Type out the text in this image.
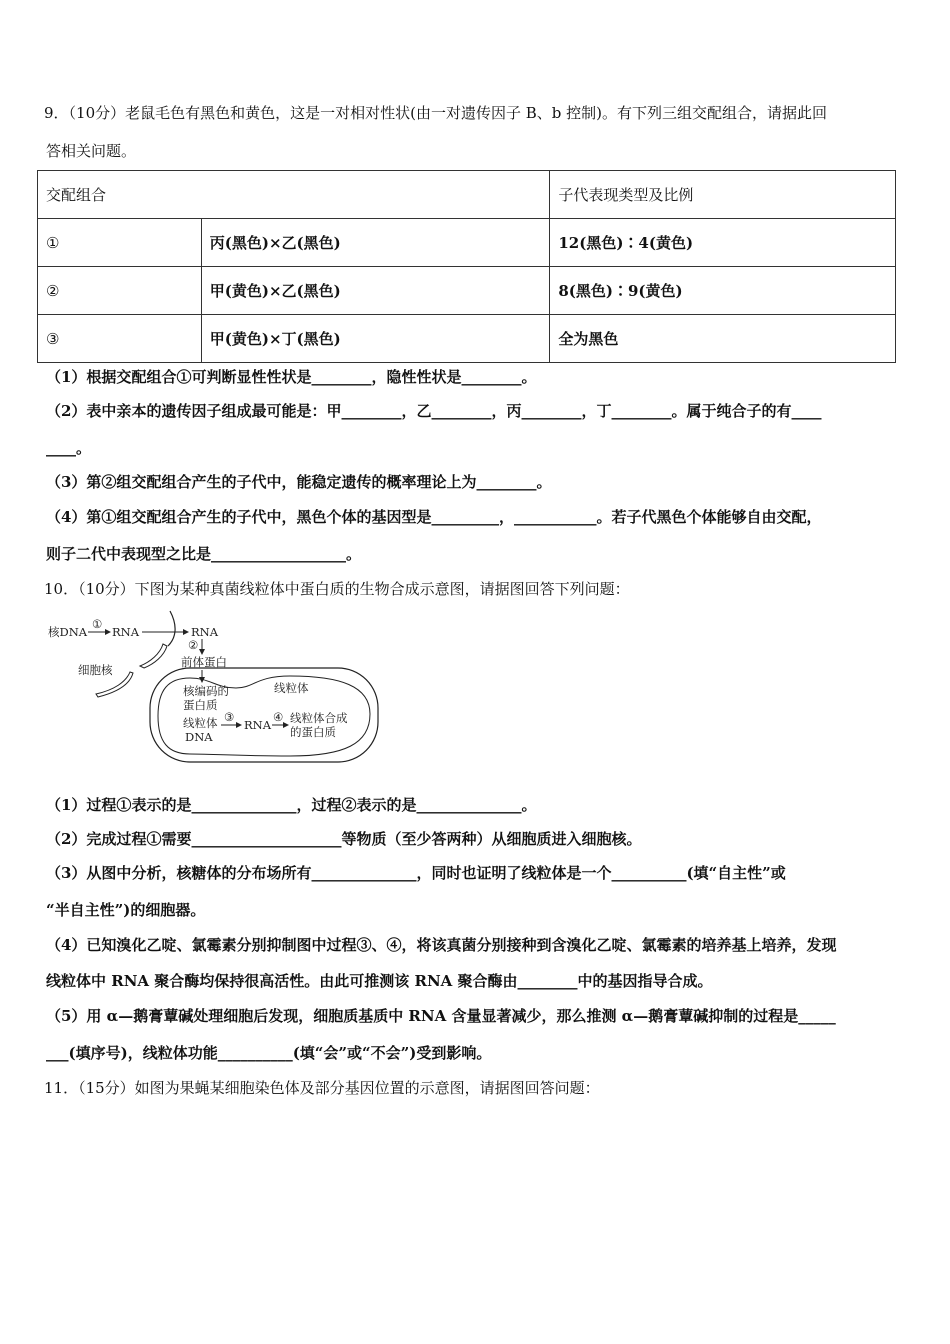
9．（10分）老鼠毛色有黑色和黄色，这是一对相对性状(由一对遗传因子 B、b 控制)。有下列三组交配组合，请据此回
答相关问题。
交配组合		子代表现类型及比例
①	丙(黑色)×乙(黑色)	12(黑色)∶4(黄色)
②	甲(黄色)×乙(黑色)	8(黑色)∶9(黄色)
③	甲(黄色)×丁(黑色)	全为黑色
（1）根据交配组合①可判断显性性状是________，隐性性状是________。
（2）表中亲本的遗传因子组成最可能是：甲________，乙________，丙________，丁________。属于纯合子的有____
____。
（3）第②组交配组合产生的子代中，能稳定遗传的概率理论上为________。
（4）第①组交配组合产生的子代中，黑色个体的基因型是_________，___________。若子代黑色个体能够自由交配，
则子二代中表现型之比是__________________。
10．（10分）下图为某种真菌线粒体中蛋白质的生物合成示意图，请据图回答下列问题：
核DNA
①
RNA	RNA
②
前体蛋白
细胞核
线粒体
核编码的
蛋白质
线粒体
DNA
③
RNA
④ 线粒体合成
的蛋白质
（1）过程①表示的是______________，过程②表示的是______________。
（2）完成过程①需要____________________等物质（至少答两种）从细胞质进入细胞核。
（3）从图中分析，核糖体的分布场所有______________，同时也证明了线粒体是一个__________(填“自主性”或
“半自主性”)的细胞器。
（4）已知溴化乙啶、氯霉素分别抑制图中过程③、④，将该真菌分别接种到含溴化乙啶、氯霉素的培养基上培养，发现
线粒体中 RNA 聚合酶均保持很高活性。由此可推测该 RNA 聚合酶由________中的基因指导合成。
（5）用 α—鹅膏蕈碱处理细胞后发现，细胞质基质中 RNA 含量显著减少，那么推测 α—鹅膏蕈碱抑制的过程是_____
___(填序号)，线粒体功能__________(填“会”或“不会”)受到影响。
11．（15分）如图为果蝇某细胞染色体及部分基因位置的示意图，请据图回答问题：
